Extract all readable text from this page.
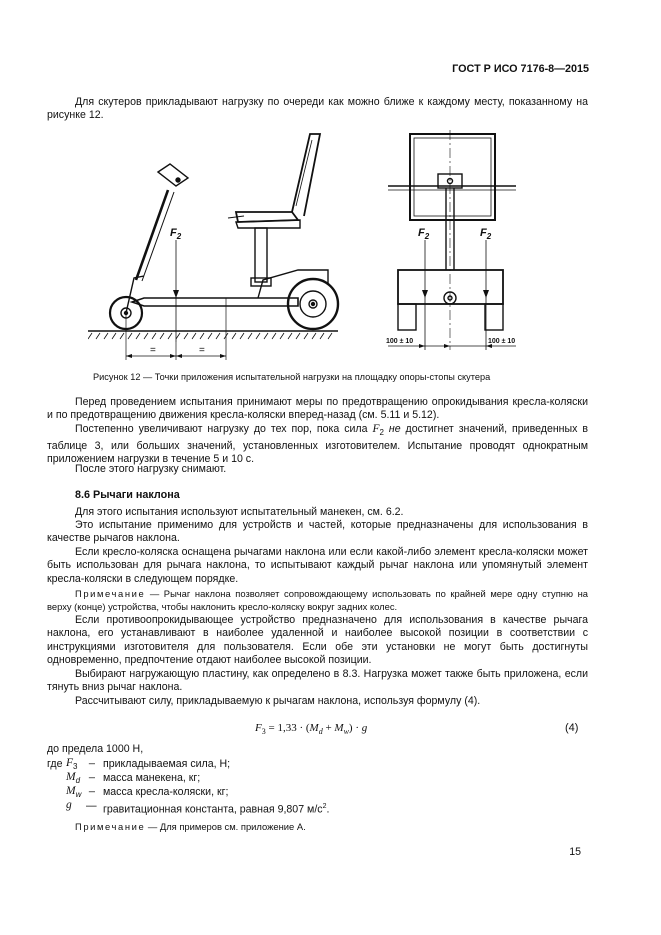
ГОСТ Р ИСО 7176-8—2015

Для скутеров прикладывают нагрузку по очереди как можно ближе к каждому месту, показанному на рисунке 12.

=	=
$F_2$	$F_2$	$F_2$
100 ± 10	100 ± 10
Рисунок 12 — Точки приложения испытательной нагрузки на площадку опоры-стопы скутера

Перед проведением испытания принимают меры по предотвращению опрокидывания кресла-коляски и по предотвращению движения кресла-коляски вперед-назад (см. 5.11 и 5.12).

Постепенно увеличивают нагрузку до тех пор, пока сила $F_2$ не достигнет значений, приведенных в таблице 3, или больших значений, установленных изготовителем. Испытание проводят однократным приложением нагрузки в течение 5 и 10 с.

После этого нагрузку снимают.

8.6 Рычаги наклона

Для этого испытания используют испытательный манекен, см. 6.2.

Это испытание применимо для устройств и частей, которые предназначены для использования в качестве рычагов наклона.

Если кресло-коляска оснащена рычагами наклона или если какой-либо элемент кресла-коляски может быть использован для рычага наклона, то испытывают каждый рычаг наклона или упомянутый элемент кресла-коляски в следующем порядке.

Примечание — Рычаг наклона позволяет сопровождающему использовать по крайней мере одну ступню на верху (конце) устройства, чтобы наклонить кресло-коляску вокруг задних колес.

Если противоопрокидывающее устройство предназначено для использования в качестве рычага наклона, его устанавливают в наиболее удаленной и наиболее высокой позиции в соответствии с инструкциями изготовителя для пользователя. Если обе эти установки не могут быть достигнуты одновременно, предпочтение отдают наиболее высокой позиции.

Выбирают нагружающую пластину, как определено в 8.3. Нагрузка может также быть приложена, если тянуть вниз рычаг наклона.

Рассчитывают силу, прикладываемую к рычагам наклона, используя формулу (4).

$F_3 = 1,33 \cdot (M_d + M_w) \cdot g$	(4)
до предела 1000 Н,
где $F_3$
_ прикладываемая сила, Н;
$M_d$
_ масса манекена, кг;
$M_w$
_ масса кресла-коляски, кг;
g — гравитационная константа, равная 9,807 $м/с^2$.
Примечание — Для примеров см. приложение А.
15
